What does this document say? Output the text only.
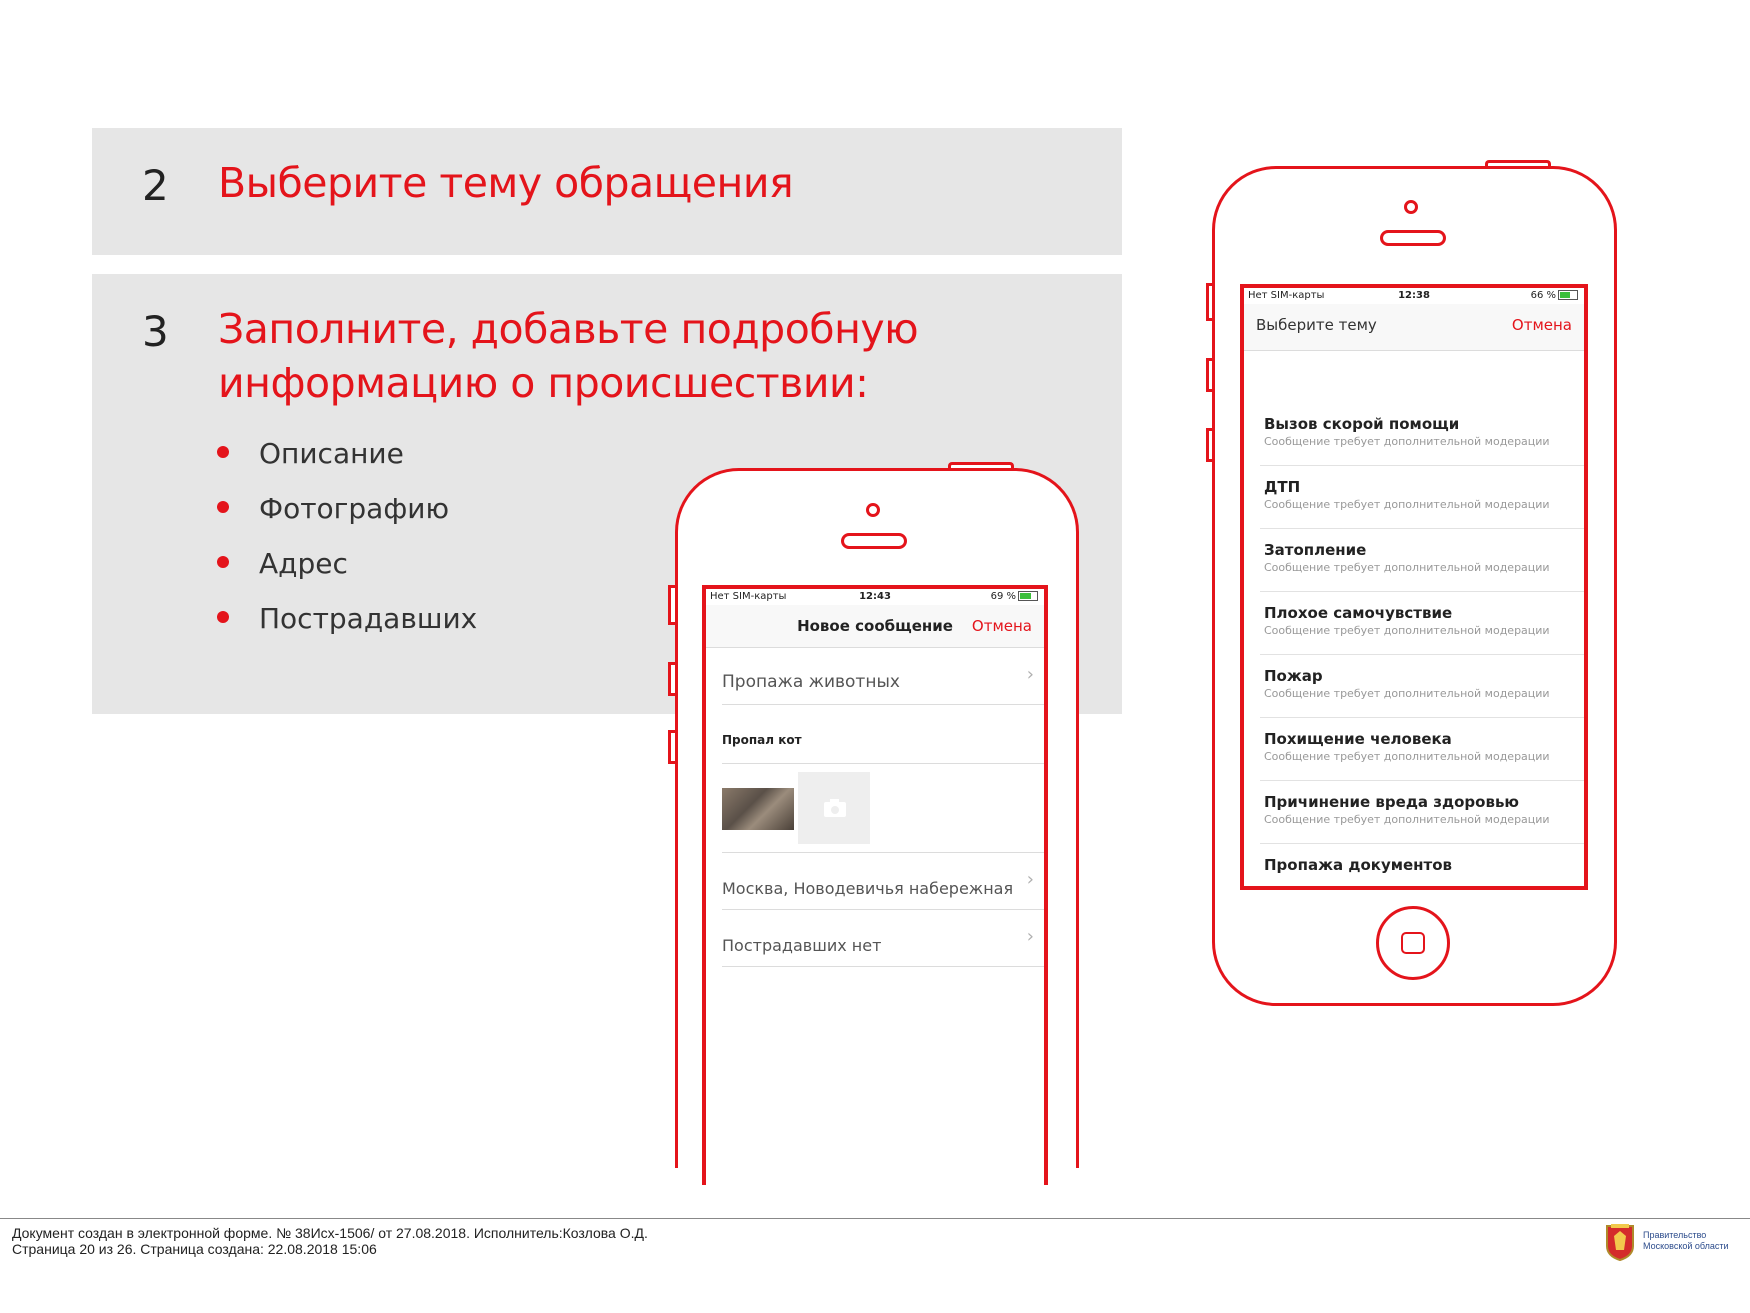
2 Выберите тему обращения
3 Заполните, добавьте подробную
информацию о происшествии:
Описание
Фотографию
Адрес
Пострадавших
Нет SIM-карты	12:43	69 %
Новое сообщение	Отмена
Пропажа животных	›
Пропал кот
Москва, Новодевичья набережная ›
Пострадавших нет	›
Нет SIM-карты	12:38	66 %
Выберите тему	Отмена
Вызов скорой помощи
Сообщение требует дополнительной модерации
ДТП
Сообщение требует дополнительной модерации
Затопление
Сообщение требует дополнительной модерации
Плохое самочувствие
Сообщение требует дополнительной модерации
Пожар
Сообщение требует дополнительной модерации
Похищение человека
Сообщение требует дополнительной модерации
Причинение вреда здоровью
Сообщение требует дополнительной модерации
Пропажа документов
Документ создан в электронной форме. № 38Исх-1506/ от 27.08.2018. Исполнитель:Козлова О.Д.
Страница 20 из 26. Страница создана: 22.08.2018 15:06
Правительство
Московской области
